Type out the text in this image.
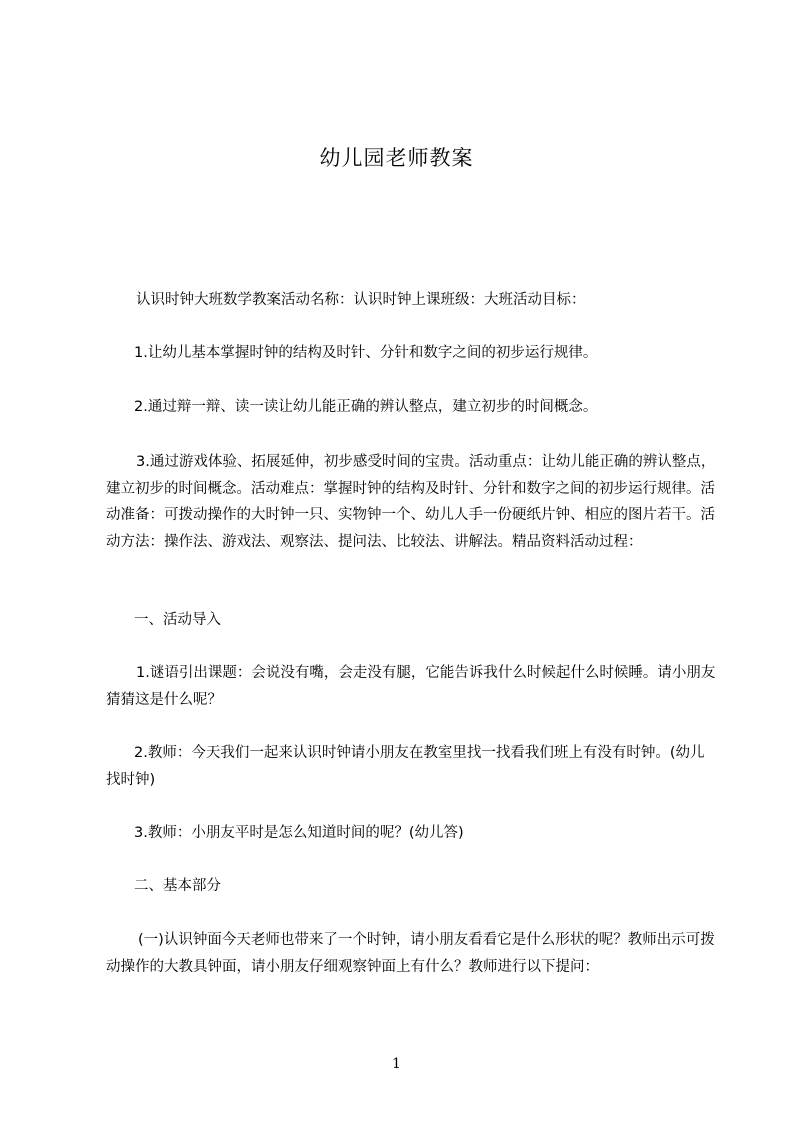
幼儿园老师教案

认识时钟大班数学教案活动名称：认识时钟上课班级：大班活动目标：

1.让幼儿基本掌握时钟的结构及时针、分针和数字之间的初步运行规律。

2.通过辩一辩、读一读让幼儿能正确的辨认整点，建立初步的时间概念。

3.通过游戏体验、拓展延伸，初步感受时间的宝贵。活动重点：让幼儿能正确的辨认整点，建立初步的时间概念。活动难点：掌握时钟的结构及时针、分针和数字之间的初步运行规律。活动准备：可拨动操作的大时钟一只、实物钟一个、幼儿人手一份硬纸片钟、相应的图片若干。活动方法：操作法、游戏法、观察法、提问法、比较法、讲解法。精品资料活动过程：

一、活动导入

1.谜语引出课题：会说没有嘴，会走没有腿，它能告诉我什么时候起什么时候睡。请小朋友猜猜这是什么呢？

2.教师：今天我们一起来认识时钟请小朋友在教室里找一找看我们班上有没有时钟。(幼儿找时钟)

3.教师：小朋友平时是怎么知道时间的呢？(幼儿答)

二、基本部分

(一)认识钟面今天老师也带来了一个时钟，请小朋友看看它是什么形状的呢？教师出示可拨动操作的大教具钟面，请小朋友仔细观察钟面上有什么？教师进行以下提问：

1
